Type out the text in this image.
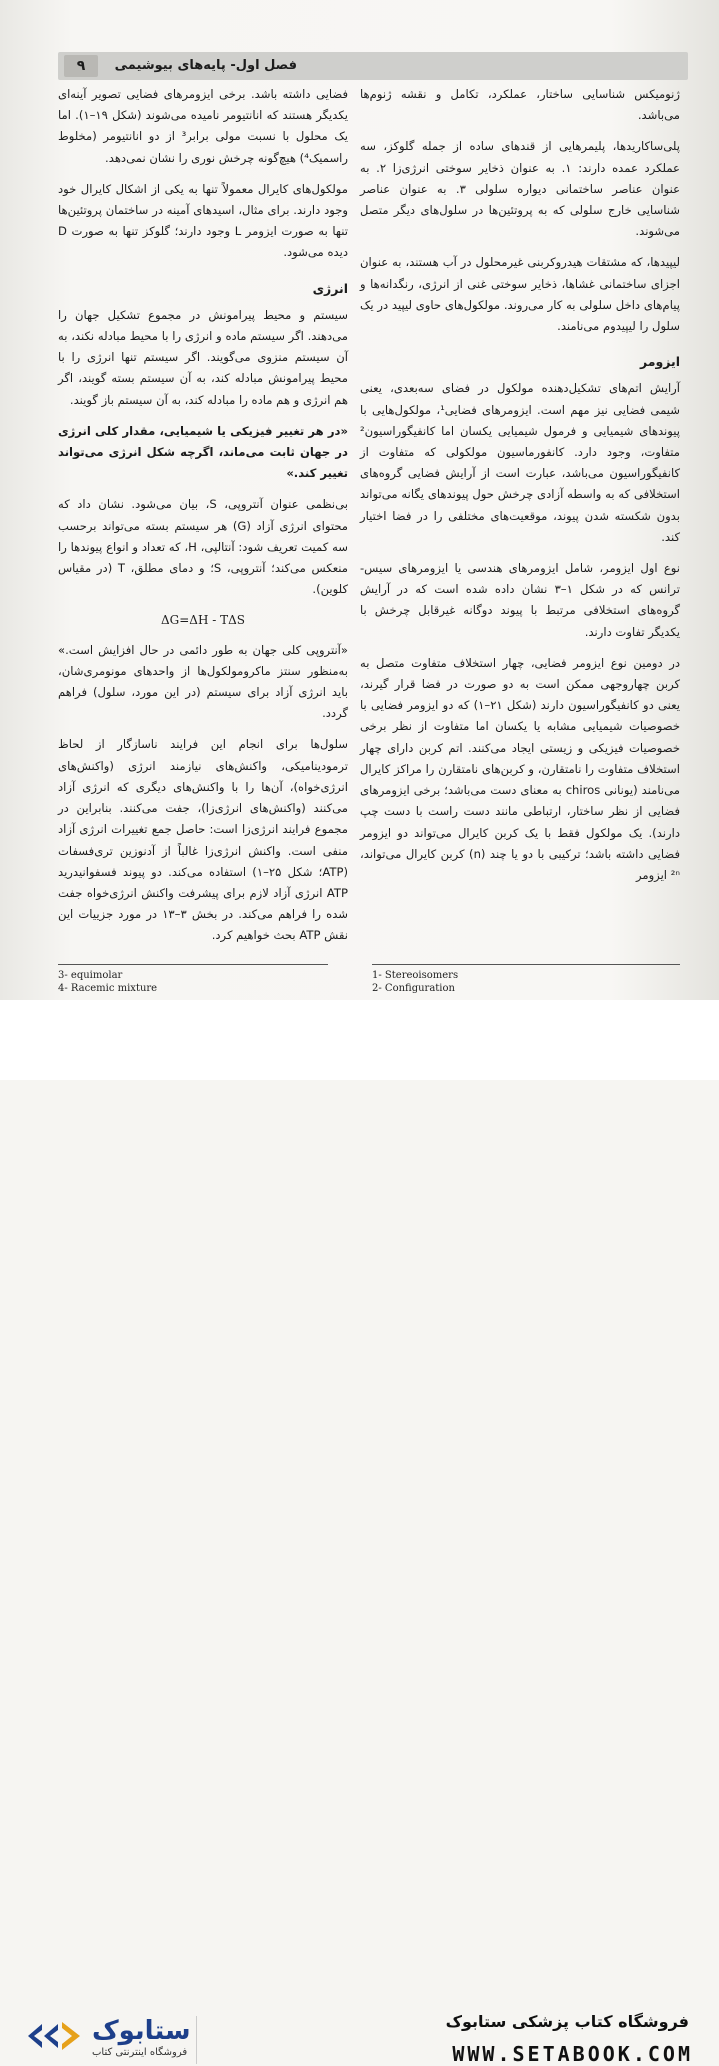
۹	فصل اول- پایه‌های بیوشیمی

ژنومیکس شناسایی ساختار، عملکرد، تکامل و نقشه ژنوم‌ها می‌باشد.

پلی‌ساکاریدها، پلیمرهایی از قندهای ساده از جمله گلوکز، سه عملکرد عمده دارند: ۱. به عنوان ذخایر سوختی انرژی‌زا ۲. به عنوان عناصر ساختمانی دیواره سلولی ۳. به عنوان عناصر شناسایی خارج سلولی که به پروتئین‌ها در سلول‌های دیگر متصل می‌شوند.

لیپیدها، که مشتقات هیدروکربنی غیرمحلول در آب هستند، به عنوان اجزای ساختمانی غشاها، ذخایر سوختی غنی از انرژی، رنگدانه‌ها و پیام‌های داخل سلولی به کار می‌روند. مولکول‌های حاوی لیپید در یک سلول را لیپیدوم می‌نامند.

ایزومر

آرایش اتم‌های تشکیل‌دهنده مولکول در فضای سه‌بعدی، یعنی شیمی فضایی نیز مهم است. ایزومرهای فضایی¹، مولکول‌هایی با پیوندهای شیمیایی و فرمول شیمیایی یکسان اما کانفیگوراسیون² متفاوت، وجود دارد. کانفورماسیون مولکولی که متفاوت از کانفیگوراسیون می‌باشد، عبارت است از آرایش فضایی گروه‌های استخلافی که به واسطه آزادی چرخش حول پیوندهای یگانه می‌تواند بدون شکسته شدن پیوند، موقعیت‌های مختلفی را در فضا اختیار کند.

نوع اول ایزومر، شامل ایزومرهای هندسی یا ایزومرهای سیس-ترانس که در شکل ۱–۳ نشان داده شده است که در آرایش گروه‌های استخلافی مرتبط با پیوند دوگانه غیرقابل چرخش با یکدیگر تفاوت دارند.

در دومین نوع ایزومر فضایی، چهار استخلاف متفاوت متصل به کربن چهاروجهی ممکن است به دو صورت در فضا قرار گیرند، یعنی دو کانفیگوراسیون دارند (شکل ۲۱–۱) که دو ایزومر فضایی با خصوصیات شیمیایی مشابه یا یکسان اما متفاوت از نظر برخی خصوصیات فیزیکی و زیستی ایجاد می‌کنند. اتم کربن دارای چهار استخلاف متفاوت را نامتقارن، و کربن‌های نامتقارن را مراکز کایرال می‌نامند (یونانی chiros به معنای دست می‌باشد؛ برخی ایزومرهای فضایی از نظر ساختار، ارتباطی مانند دست راست با دست چپ دارند). یک مولکول فقط با یک کربن کایرال می‌تواند دو ایزومر فضایی داشته باشد؛ ترکیبی با دو یا چند (n) کربن کایرال می‌تواند، ²ⁿ ایزومر

فضایی داشته باشد. برخی ایزومرهای فضایی تصویر آینه‌ای یکدیگر هستند که انانتیومر نامیده می‌شوند (شکل ۱۹–۱). اما یک محلول با نسبت مولی برابر³ از دو انانتیومر (مخلوط راسمیک⁴) هیچ‌گونه چرخش نوری را نشان نمی‌دهد.

مولکول‌های کایرال معمولاً تنها به یکی از اشکال کایرال خود وجود دارند. برای مثال، اسیدهای آمینه در ساختمان پروتئین‌ها تنها به صورت ایزومر L وجود دارند؛ گلوکز تنها به صورت D دیده می‌شود.

انرژی

سیستم و محیط پیرامونش در مجموع تشکیل جهان را می‌دهند. اگر سیستم ماده و انرژی را با محیط مبادله نکند، به آن سیستم منزوی می‌گویند. اگر سیستم تنها انرژی را با محیط پیرامونش مبادله کند، به آن سیستم بسته گویند، اگر هم انرژی و هم ماده را مبادله کند، به آن سیستم باز گویند.

«در هر تغییر فیزیکی یا شیمیایی، مقدار کلی انرژی در جهان ثابت می‌ماند، اگرچه شکل انرژی می‌تواند تغییر کند.»

بی‌نظمی عنوان آنتروپی، S، بیان می‌شود. نشان داد که محتوای انرژی آزاد (G) هر سیستم بسته می‌تواند برحسب سه کمیت تعریف شود: آنتالپی، H، که تعداد و انواع پیوندها را منعکس می‌کند؛ آنتروپی، S؛ و دمای مطلق، T (در مقیاس کلوین).

ΔG=ΔH - TΔS

«آنتروپی کلی جهان به طور دائمی در حال افزایش است.» به‌منظور سنتز ماکرومولکول‌ها از واحدهای مونومری‌شان، باید انرژی آزاد برای سیستم (در این مورد، سلول) فراهم گردد.

سلول‌ها برای انجام این فرایند ناسازگار از لحاظ ترمودینامیکی، واکنش‌های نیازمند انرژی (واکنش‌های انرژی‌خواه)، آن‌ها را با واکنش‌های دیگری که انرژی آزاد می‌کنند (واکنش‌های انرژی‌زا)، جفت می‌کنند. بنابراین در مجموع فرایند انرژی‌زا است: حاصل جمع تغییرات انرژی آزاد منفی است. واکنش انرژی‌زا غالباً از آدنوزین تری‌فسفات (ATP؛ شکل ۲۵–۱) استفاده می‌کند. دو پیوند فسفوانیدرید ATP انرژی آزاد لازم برای پیشرفت واکنش انرژی‌خواه جفت شده را فراهم می‌کند. در بخش ۳–۱۳ در مورد جزییات این نقش ATP بحث خواهیم کرد.

3- equimolar
4- Racemic mixture
1- Stereoisomers
2- Configuration
ستابوک
فروشگاه اینترنتی کتاب
فروشگاه کتاب پزشکی ستابوک
WWW.SETABOOK.COM
